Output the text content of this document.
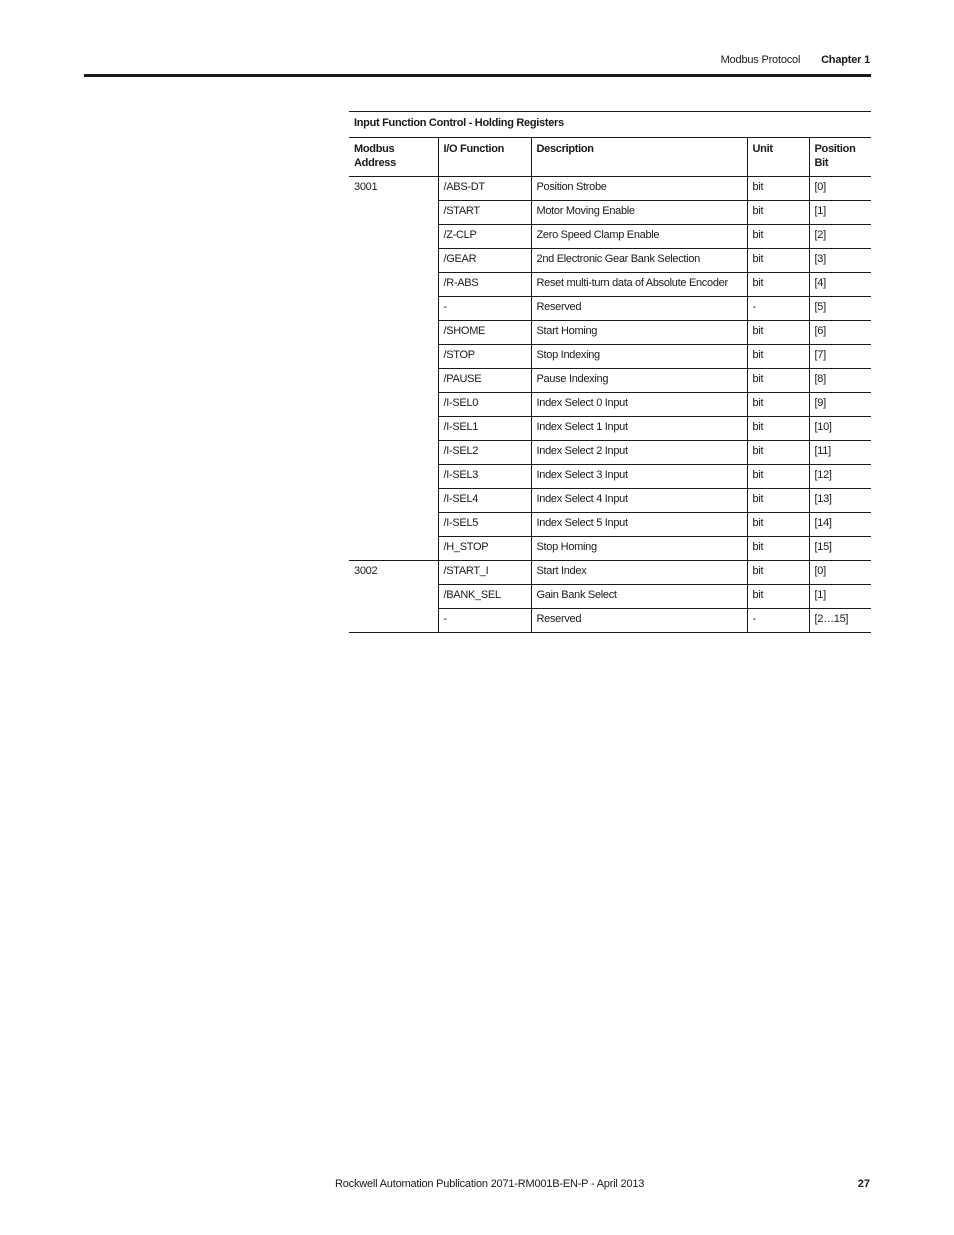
Modbus Protocol Chapter 1
Input Function Control - Holding Registers				
Modbus Address	I/O Function	Description	Unit	Position Bit
3001	/ABS-DT	Position Strobe	bit	[0]
	/START	Motor Moving Enable	bit	[1]
	/Z-CLP	Zero Speed Clamp Enable	bit	[2]
	/GEAR	2nd Electronic Gear Bank Selection	bit	[3]
	/R-ABS	Reset multi-turn data of Absolute Encoder	bit	[4]
	-	Reserved	-	[5]
	/SHOME	Start Homing	bit	[6]
	/STOP	Stop Indexing	bit	[7]
	/PAUSE	Pause Indexing	bit	[8]
	/I-SEL0	Index Select 0 Input	bit	[9]
	/I-SEL1	Index Select 1 Input	bit	[10]
	/I-SEL2	Index Select 2 Input	bit	[11]
	/I-SEL3	Index Select 3 Input	bit	[12]
	/I-SEL4	Index Select 4 Input	bit	[13]
	/I-SEL5	Index Select 5 Input	bit	[14]
	/H_STOP	Stop Homing	bit	[15]
3002	/START_I	Start Index	bit	[0]
	/BANK_SEL	Gain Bank Select	bit	[1]
	-	Reserved	-	[2…15]
Rockwell Automation Publication 2071-RM001B-EN-P - April 2013	27
